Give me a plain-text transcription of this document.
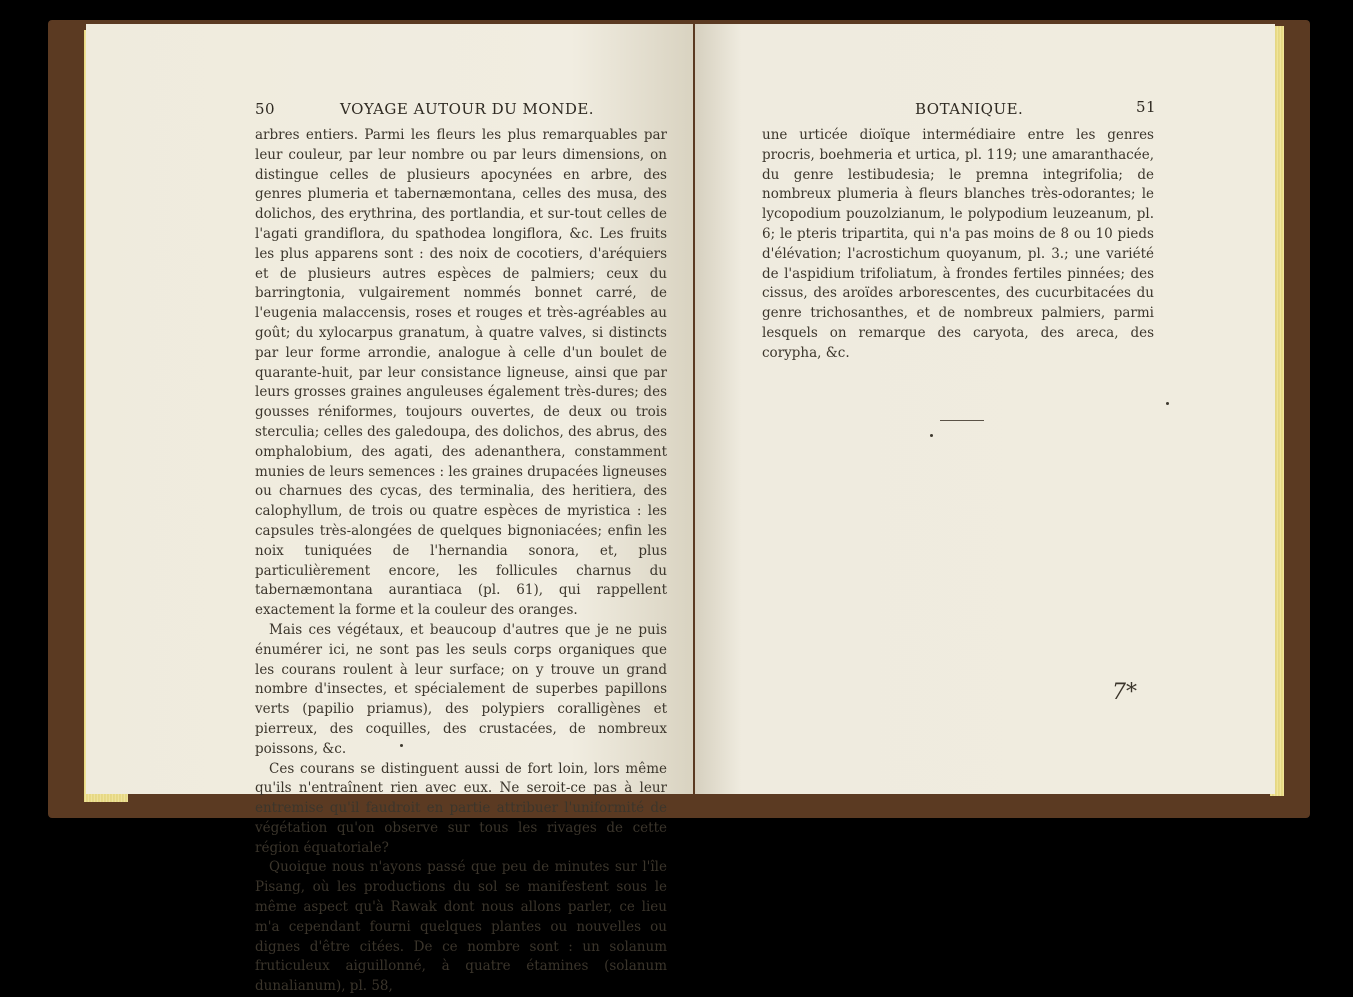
50	VOYAGE AUTOUR DU MONDE.

arbres entiers. Parmi les fleurs les plus remarquables par leur couleur, par leur nombre ou par leurs dimensions, on distingue celles de plusieurs apocynées en arbre, des genres plumeria et tabernæmontana, celles des musa, des dolichos, des erythrina, des portlandia, et sur-tout celles de l'agati grandiflora, du spathodea longiflora, &c. Les fruits les plus apparens sont : des noix de cocotiers, d'aréquiers et de plusieurs autres espèces de palmiers; ceux du barringtonia, vulgairement nommés bonnet carré, de l'eugenia malaccensis, roses et rouges et très-agréables au goût; du xylocarpus granatum, à quatre valves, si distincts par leur forme arrondie, analogue à celle d'un boulet de quarante-huit, par leur consistance ligneuse, ainsi que par leurs grosses graines anguleuses également très-dures; des gousses réniformes, toujours ouvertes, de deux ou trois sterculia; celles des galedoupa, des dolichos, des abrus, des omphalobium, des agati, des adenanthera, constamment munies de leurs semences : les graines drupacées ligneuses ou charnues des cycas, des terminalia, des heritiera, des calophyllum, de trois ou quatre espèces de myristica : les capsules très-alongées de quelques bignoniacées; enfin les noix tuniquées de l'hernandia sonora, et, plus particulièrement encore, les follicules charnus du tabernæmontana aurantiaca (pl. 61), qui rappellent exactement la forme et la couleur des oranges.

Mais ces végétaux, et beaucoup d'autres que je ne puis énumérer ici, ne sont pas les seuls corps organiques que les courans roulent à leur surface; on y trouve un grand nombre d'insectes, et spécialement de superbes papillons verts (papilio priamus), des polypiers coralligènes et pierreux, des coquilles, des crustacées, de nombreux poissons, &c.

Ces courans se distinguent aussi de fort loin, lors même qu'ils n'entraînent rien avec eux. Ne seroit-ce pas à leur entremise qu'il faudroit en partie attribuer l'uniformité de végétation qu'on observe sur tous les rivages de cette région équatoriale?

Quoique nous n'ayons passé que peu de minutes sur l'île Pisang, où les productions du sol se manifestent sous le même aspect qu'à Rawak dont nous allons parler, ce lieu m'a cependant fourni quelques plantes ou nouvelles ou dignes d'être citées. De ce nombre sont : un solanum fruticuleux aiguillonné, à quatre étamines (solanum dunalianum), pl. 58,

BOTANIQUE.	51

une urticée dioïque intermédiaire entre les genres procris, boehmeria et urtica, pl. 119; une amaranthacée, du genre lestibudesia; le premna integrifolia; de nombreux plumeria à fleurs blanches très-odorantes; le lycopodium pouzolzianum, le polypodium leuzeanum, pl. 6; le pteris tripartita, qui n'a pas moins de 8 ou 10 pieds d'élévation; l'acrostichum quoyanum, pl. 3.; une variété de l'aspidium trifoliatum, à frondes fertiles pinnées; des cissus, des aroïdes arborescentes, des cucurbitacées du genre trichosanthes, et de nombreux palmiers, parmi lesquels on remarque des caryota, des areca, des corypha, &c.

7*
